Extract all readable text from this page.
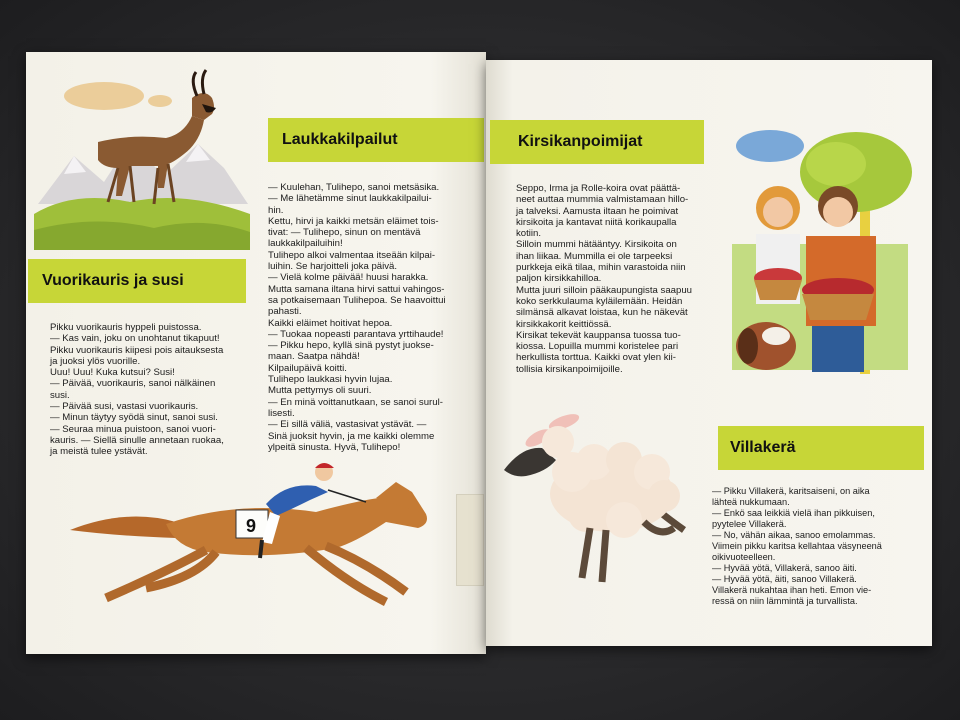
Vuorikauris ja susi
Pikku vuorikauris hyppeli puistossa.
— Kas vain, joku on unohtanut tikapuut!
Pikku vuorikauris kiipesi pois aitauksesta
ja juoksi ylös vuorille.
Uuu! Uuu! Kuka kutsui? Susi!
— Päivää, vuorikauris, sanoi nälkäinen
susi.
— Päivää susi, vastasi vuorikauris.
— Minun täytyy syödä sinut, sanoi susi.
— Seuraa minua puistoon, sanoi vuori-
kauris. — Siellä sinulle annetaan ruokaa,
ja meistä tulee ystävät.
Laukkakilpailut
— Kuulehan, Tulihepo, sanoi metsäsika.
— Me lähetämme sinut laukkakilpailui-
hin.
Kettu, hirvi ja kaikki metsän eläimet tois-
tivat: — Tulihepo, sinun on mentävä
laukkakilpailuihin!
Tulihepo alkoi valmentaa itseään kilpai-
luihin. Se harjoitteli joka päivä.
— Vielä kolme päivää! huusi harakka.
Mutta samana iltana hirvi sattui vahingos-
sa potkaisemaan Tulihepoa. Se haavoittui
pahasti.
Kaikki eläimet hoitivat hepoa.
— Tuokaa nopeasti parantava yrttihaude!
— Pikku hepo, kyllä sinä pystyt juokse-
maan. Saatpa nähdä!
Kilpailupäivä koitti.
Tulihepo laukkasi hyvin lujaa.
Mutta pettymys oli suuri.
— En minä voittanutkaan, se sanoi surul-
lisesti.
— Ei sillä väliä, vastasivat ystävät. —
Sinä juoksit hyvin, ja me kaikki olemme
ylpeitä sinusta. Hyvä, Tulihepo!
9
Kirsikanpoimijat
Seppo, Irma ja Rolle-koira ovat päättä-
neet auttaa mummia valmistamaan hillo-
ja talveksi. Aamusta iltaan he poimivat
kirsikoita ja kantavat niitä korikaupalla
kotiin.
Silloin mummi hätääntyy. Kirsikoita on
ihan liikaa. Mummilla ei ole tarpeeksi
purkkeja eikä tilaa, mihin varastoida niin
paljon kirsikkahilloa.
Mutta juuri silloin pääkaupungista saapuu
koko serkkulauma kyläilemään. Heidän
silmänsä alkavat loistaa, kun he näkevät
kirsikkakorit keittiössä.
Kirsikat tekevät kauppansa tuossa tuo-
kiossa. Lopuilla mummi koristelee pari
herkullista torttua. Kaikki ovat ylen kii-
tollisia kirsikanpoimijoille.
Villakerä
— Pikku Villakerä, karitsaiseni, on aika
lähteä nukkumaan.
— Enkö saa leikkiä vielä ihan pikkuisen,
pyytelee Villakerä.
— No, vähän aikaa, sanoo emolammas.
Viimein pikku karitsa kellahtaa väsyneenä
oikivuoteelleen.
— Hyvää yötä, Villakerä, sanoo äiti.
— Hyvää yötä, äiti, sanoo Villakerä.
Villakerä nukahtaa ihan heti. Emon vie-
ressä on niin lämmintä ja turvallista.
